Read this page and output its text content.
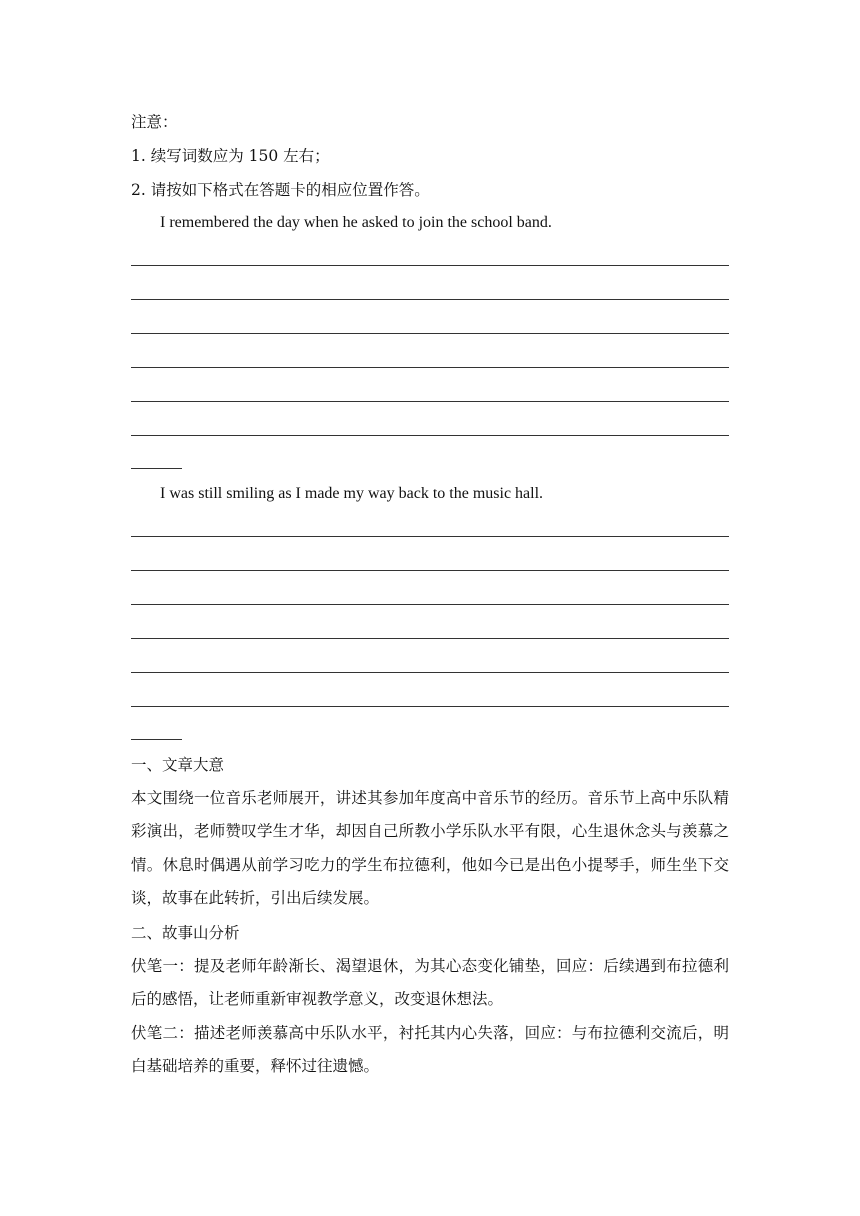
注意：
1. 续写词数应为 150 左右；
2. 请按如下格式在答题卡的相应位置作答。
I remembered the day when he asked to join the school band.
I was still smiling as I made my way back to the music hall.
一、文章大意
本文围绕一位音乐老师展开，讲述其参加年度高中音乐节的经历。音乐节上高中乐队精彩演出，老师赞叹学生才华，却因自己所教小学乐队水平有限，心生退休念头与羡慕之情。休息时偶遇从前学习吃力的学生布拉德利，他如今已是出色小提琴手，师生坐下交谈，故事在此转折，引出后续发展。
二、故事山分析
伏笔一：提及老师年龄渐长、渴望退休，为其心态变化铺垫，回应：后续遇到布拉德利后的感悟，让老师重新审视教学意义，改变退休想法。
伏笔二：描述老师羡慕高中乐队水平，衬托其内心失落，回应：与布拉德利交流后，明白基础培养的重要，释怀过往遗憾。
